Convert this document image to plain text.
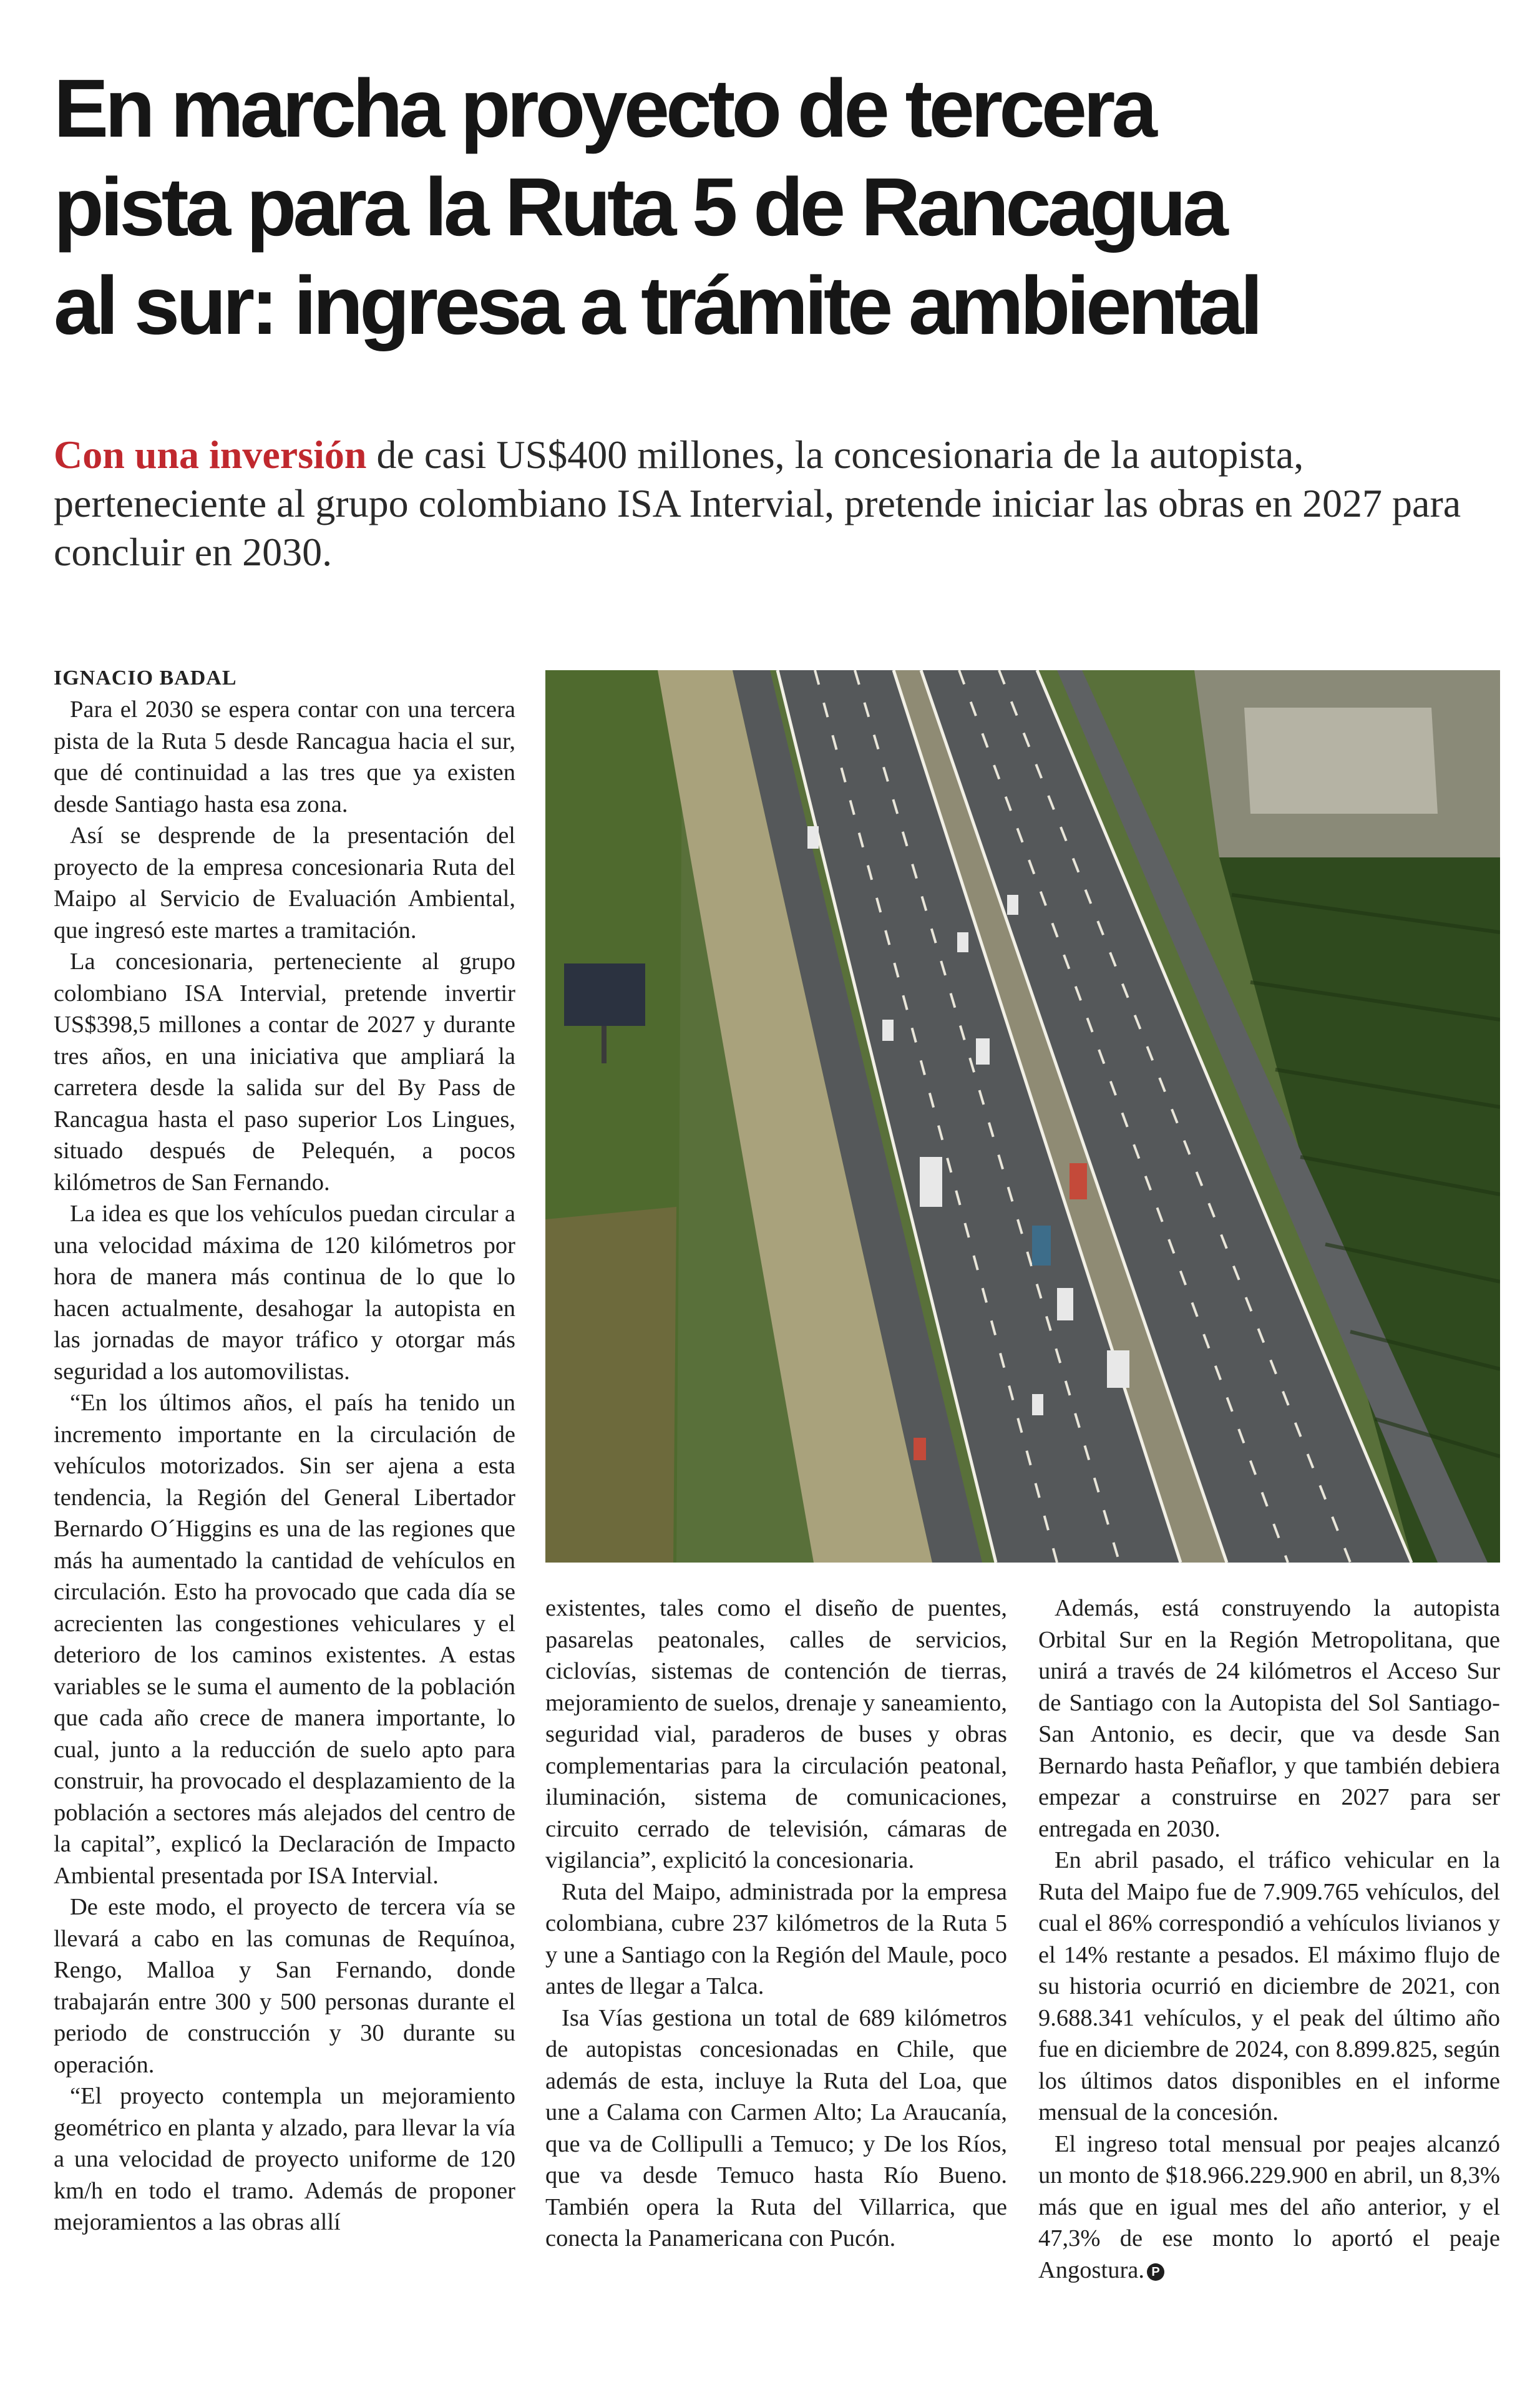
En marcha proyecto de tercera
pista para la Ruta 5 de Rancagua
al sur: ingresa a trámite ambiental

Con una inversión de casi US$400 millones, la concesionaria de la autopista, perteneciente al grupo colombiano ISA Intervial, pretende iniciar las obras en 2027 para concluir en 2030.

IGNACIO BADAL

Para el 2030 se espera contar con una tercera pista de la Ruta 5 desde Rancagua hacia el sur, que dé continuidad a las tres que ya existen desde Santiago hasta esa zona.

Así se desprende de la presentación del proyecto de la empresa concesionaria Ruta del Maipo al Servicio de Evaluación Ambiental, que ingresó este martes a tramitación.

La concesionaria, perteneciente al grupo colombiano ISA Intervial, pretende invertir US$398,5 millones a contar de 2027 y durante tres años, en una iniciativa que ampliará la carretera desde la salida sur del By Pass de Rancagua hasta el paso superior Los Lingues, situado después de Pelequén, a pocos kilómetros de San Fernando.

La idea es que los vehículos puedan circular a una velocidad máxima de 120 kilómetros por hora de manera más continua de lo que lo hacen actualmente, desahogar la autopista en las jornadas de mayor tráfico y otorgar más seguridad a los automovilistas.

“En los últimos años, el país ha tenido un incremento importante en la circulación de vehículos motorizados. Sin ser ajena a esta tendencia, la Región del General Libertador Bernardo O´Higgins es una de las regiones que más ha aumentado la cantidad de vehículos en circulación. Esto ha provocado que cada día se acrecienten las congestiones vehiculares y el deterioro de los caminos existentes. A estas variables se le suma el aumento de la población que cada año crece de manera importante, lo cual, junto a la reducción de suelo apto para construir, ha provocado el desplazamiento de la población a sectores más alejados del centro de la capital”, explicó la Declaración de Impacto Ambiental presentada por ISA Intervial.

De este modo, el proyecto de tercera vía se llevará a cabo en las comunas de Requínoa, Rengo, Malloa y San Fernando, donde trabajarán entre 300 y 500 personas durante el periodo de construcción y 30 durante su operación.

“El proyecto contempla un mejoramiento geométrico en planta y alzado, para llevar la vía a una velocidad de proyecto uniforme de 120 km/h en todo el tramo. Además de proponer mejoramientos a las obras allí

existentes, tales como el diseño de puentes, pasarelas peatonales, calles de servicios, ciclovías, sistemas de contención de tierras, mejoramiento de suelos, drenaje y saneamiento, seguridad vial, paraderos de buses y obras complementarias para la circulación peatonal, iluminación, sistema de comunicaciones, circuito cerrado de televisión, cámaras de vigilancia”, explicitó la concesionaria.

Ruta del Maipo, administrada por la empresa colombiana, cubre 237 kilómetros de la Ruta 5 y une a Santiago con la Región del Maule, poco antes de llegar a Talca.

Isa Vías gestiona un total de 689 kilómetros de autopistas concesionadas en Chile, que además de esta, incluye la Ruta del Loa, que une a Calama con Carmen Alto; La Araucanía, que va de Collipulli a Temuco; y De los Ríos, que va desde Temuco hasta Río Bueno. También opera la Ruta del Villarrica, que conecta la Panamericana con Pucón.

Además, está construyendo la autopista Orbital Sur en la Región Metropolitana, que unirá a través de 24 kilómetros el Acceso Sur de Santiago con la Autopista del Sol Santiago-San Antonio, es decir, que va desde San Bernardo hasta Peñaflor, y que también debiera empezar a construirse en 2027 para ser entregada en 2030.

En abril pasado, el tráfico vehicular en la Ruta del Maipo fue de 7.909.765 vehículos, del cual el 86% correspondió a vehículos livianos y el 14% restante a pesados. El máximo flujo de su historia ocurrió en diciembre de 2021, con 9.688.341 vehículos, y el peak del último año fue en diciembre de 2024, con 8.899.825, según los últimos datos disponibles en el informe mensual de la concesión.

El ingreso total mensual por peajes alcanzó un monto de $18.966.229.900 en abril, un 8,3% más que en igual mes del año anterior, y el 47,3% de ese monto lo aportó el peaje Angostura. P
